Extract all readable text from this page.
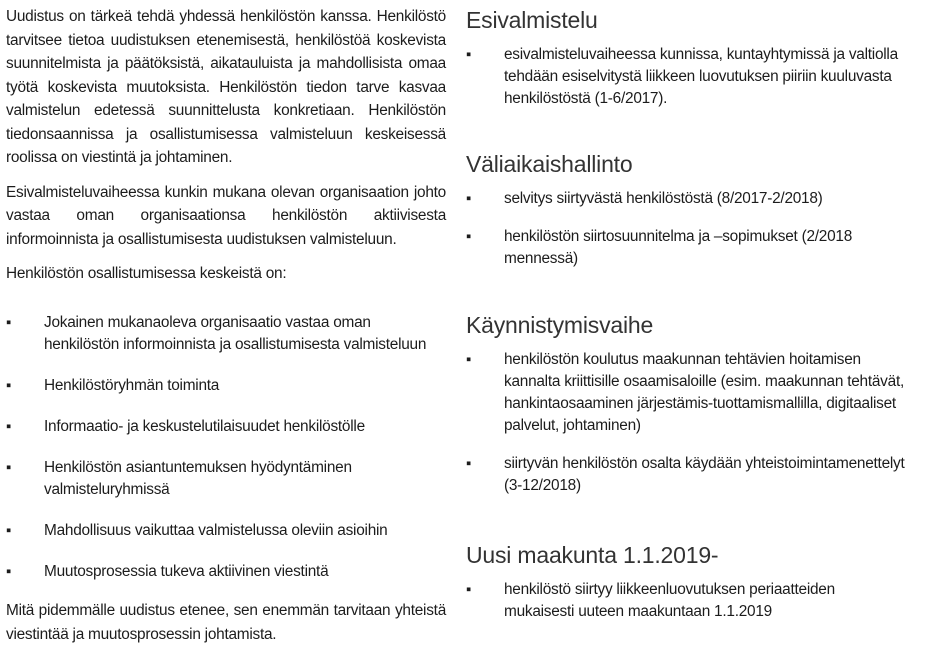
Uudistus on tärkeä tehdä yhdessä henkilöstön kanssa. Henkilöstö tarvitsee tietoa uudistuksen etenemisestä, henkilöstöä koskevista suunnitelmista ja päätöksistä, aikatauluista ja mahdollisista omaa työtä koskevista muutoksista. Henkilöstön tiedon tarve kasvaa valmistelun edetessä suunnittelusta konkretiaan. Henkilöstön tiedonsaannissa ja osallistumisessa valmisteluun keskeisessä roolissa on viestintä ja johtaminen.

Esivalmisteluvaiheessa kunkin mukana olevan organisaation johto vastaa oman organisaationsa henkilöstön aktiivisesta informoinnista ja osallistumisesta uudistuksen valmisteluun.

Henkilöstön osallistumisessa keskeistä on:

▪	Jokainen mukanaoleva organisaatio vastaa oman henkilöstön informoinnista ja osallistumisesta valmisteluun
▪	Henkilöstöryhmän toiminta
▪	Informaatio- ja keskustelutilaisuudet henkilöstölle
▪	Henkilöstön asiantuntemuksen hyödyntäminen valmisteluryhmissä
▪	Mahdollisuus vaikuttaa valmistelussa oleviin asioihin
▪	Muutosprosessia tukeva aktiivinen viestintä

Mitä pidemmälle uudistus etenee, sen enemmän tarvitaan yhteistä viestintää ja muutosprosessin johtamista.

Esivalmistelu
▪	esivalmisteluvaiheessa kunnissa, kuntayhtymissä ja valtiolla tehdään esiselvitystä liikkeen luovutuksen piiriin kuuluvasta henkilöstöstä (1-6/2017).
Väliaikaishallinto
▪	selvitys siirtyvästä henkilöstöstä (8/2017-2/2018)
▪	henkilöstön siirtosuunnitelma ja –sopimukset (2/2018 mennessä)
Käynnistymisvaihe
▪	henkilöstön koulutus maakunnan tehtävien hoitamisen kannalta kriittisille osaamisaloille (esim. maakunnan tehtävät, hankintaosaaminen järjestämis-tuottamismallilla, digitaaliset palvelut, johtaminen)
▪	siirtyvän henkilöstön osalta käydään yhteistoimintamenettelyt (3-12/2018)
Uusi maakunta 1.1.2019-
▪	henkilöstö siirtyy liikkeenluovutuksen periaatteiden mukaisesti uuteen maakuntaan 1.1.2019
